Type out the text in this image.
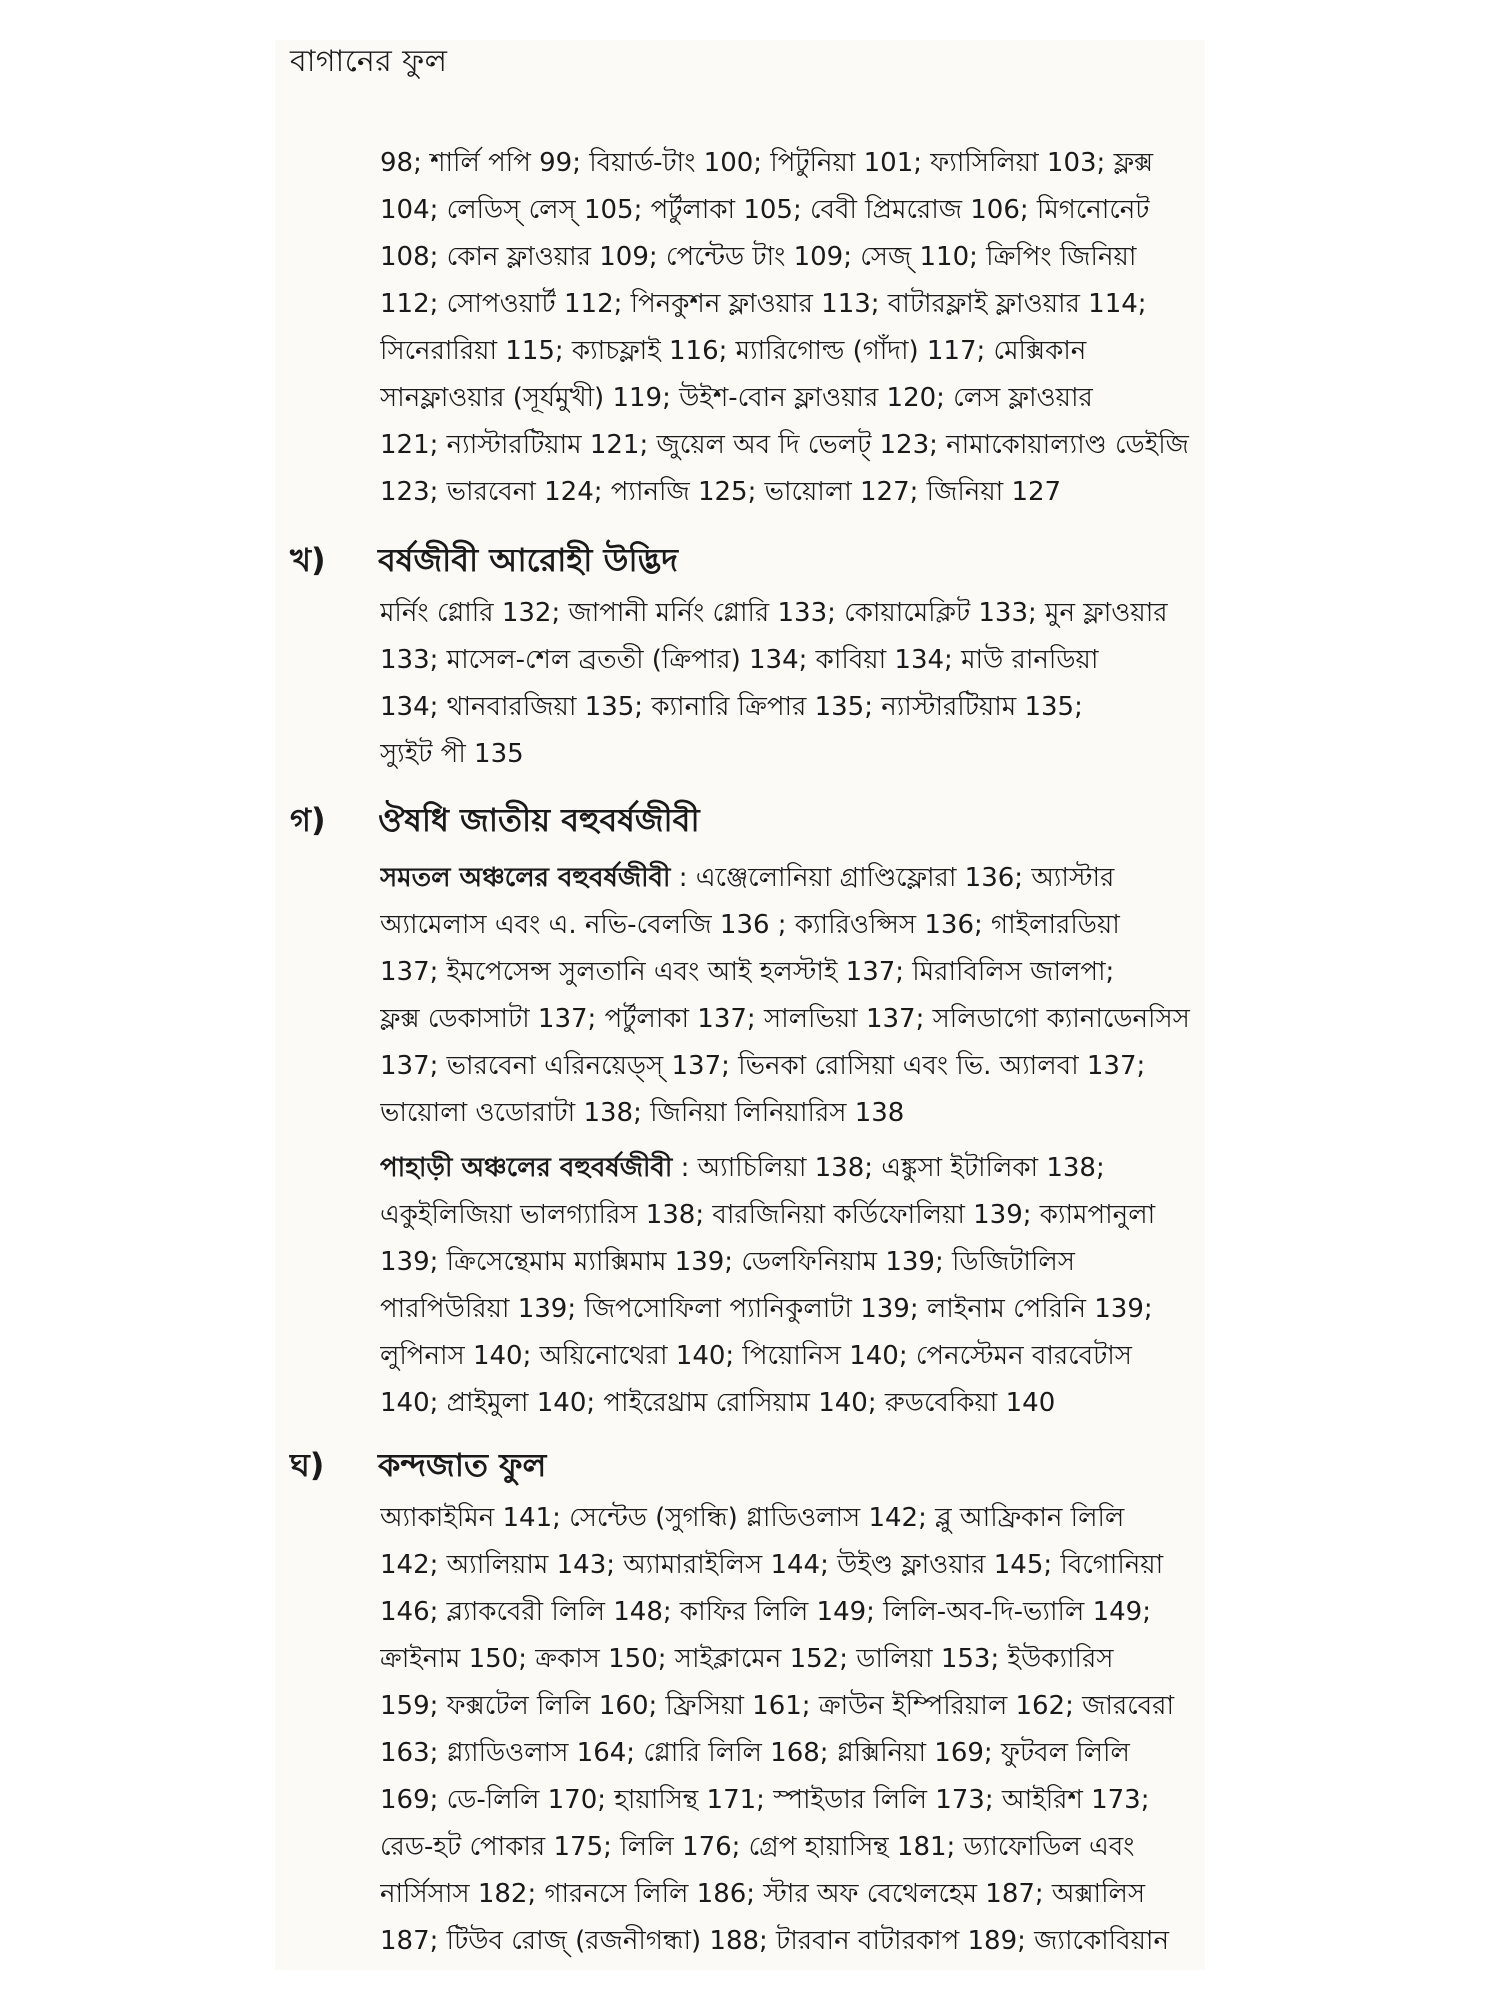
বাগানের ফুল
98; শার্লি পপি 99; বিয়ার্ড-টাং 100; পিটুনিয়া 101; ফ্যাসিলিয়া 103; ফ্লক্স
104; লেডিস্ লেস্ 105; পর্টুলাকা 105; বেবী প্রিমরোজ 106; মিগনোনেট
108; কোন ফ্লাওয়ার 109; পেন্টেড টাং 109; সেজ্ 110; ক্রিপিং জিনিয়া
112; সোপওয়ার্ট 112; পিনকুশন ফ্লাওয়ার 113; বাটারফ্লাই ফ্লাওয়ার 114;
সিনেরারিয়া 115; ক্যাচফ্লাই 116; ম্যারিগোল্ড (গাঁদা) 117; মেক্সিকান
সানফ্লাওয়ার (সূর্যমুখী) 119; উইশ-বোন ফ্লাওয়ার 120; লেস ফ্লাওয়ার
121; ন্যাস্টারটিয়াম 121; জুয়েল অব দি ভেলট্ 123; নামাকোয়াল্যাণ্ড ডেইজি
123; ভারবেনা 124; প্যানজি 125; ভায়োলা 127; জিনিয়া 127
খ) বর্ষজীবী আরোহী উদ্ভিদ
মর্নিং গ্লোরি 132; জাপানী মর্নিং গ্লোরি 133; কোয়ামেক্লিট 133; মুন ফ্লাওয়ার
133; মাসেল-শেল ব্রততী (ক্রিপার) 134; কাবিয়া 134; মাউ রানডিয়া
134; থানবারজিয়া 135; ক্যানারি ক্রিপার 135; ন্যাস্টারটিয়াম 135;
স্যুইট পী 135
গ) ঔষধি জাতীয় বহুবর্ষজীবী
সমতল অঞ্চলের বহুবর্ষজীবী : এঞ্জেলোনিয়া গ্রাণ্ডিফ্লোরা 136; অ্যাস্টার
অ্যামেলাস এবং এ. নভি-বেলজি 136 ; ক্যারিওপ্সিস 136; গাইলারডিয়া
137; ইমপেসেন্স সুলতানি এবং আই হলস্টাই 137; মিরাবিলিস জালপা;
ফ্লক্স ডেকাসাটা 137; পর্টুলাকা 137; সালভিয়া 137; সলিডাগো ক্যানাডেনসিস
137; ভারবেনা এরিনয়েড্স্ 137; ভিনকা রোসিয়া এবং ভি. অ্যালবা 137;
ভায়োলা ওডোরাটা 138; জিনিয়া লিনিয়ারিস 138
পাহাড়ী অঞ্চলের বহুবর্ষজীবী : অ্যাচিলিয়া 138; এঙ্কুসা ইটালিকা 138;
একুইলিজিয়া ভালগ্যারিস 138; বারজিনিয়া কর্ডিফোলিয়া 139; ক্যামপানুলা
139; ক্রিসেন্থেমাম ম্যাক্সিমাম 139; ডেলফিনিয়াম 139; ডিজিটালিস
পারপিউরিয়া 139; জিপসোফিলা প্যানিকুলাটা 139; লাইনাম পেরিনি 139;
লুপিনাস 140; অয়িনোথেরা 140; পিয়োনিস 140; পেনস্টেমন বারবেটাস
140; প্রাইমুলা 140; পাইরেথ্রাম রোসিয়াম 140; রুডবেকিয়া 140
ঘ) কন্দজাত ফুল
অ্যাকাইমিন 141; সেন্টেড (সুগন্ধি) গ্লাডিওলাস 142; ব্লু আফ্রিকান লিলি
142; অ্যালিয়াম 143; অ্যামারাইলিস 144; উইণ্ড ফ্লাওয়ার 145; বিগোনিয়া
146; ব্ল্যাকবেরী লিলি 148; কাফির লিলি 149; লিলি-অব-দি-ভ্যালি 149;
ক্রাইনাম 150; ক্রকাস 150; সাইক্লামেন 152; ডালিয়া 153; ইউক্যারিস
159; ফক্সটেল লিলি 160; ফ্রিসিয়া 161; ক্রাউন ইম্পিরিয়াল 162; জারবেরা
163; গ্ল্যাডিওলাস 164; গ্লোরি লিলি 168; গ্লক্সিনিয়া 169; ফুটবল লিলি
169; ডে-লিলি 170; হায়াসিন্থ 171; স্পাইডার লিলি 173; আইরিশ 173;
রেড-হট পোকার 175; লিলি 176; গ্রেপ হায়াসিন্থ 181; ড্যাফোডিল এবং
নার্সিসাস 182; গারনসে লিলি 186; স্টার অফ বেথেলহেম 187; অক্সালিস
187; টিউব রোজ্ (রজনীগন্ধা) 188; টারবান বাটারকাপ 189; জ্যাকোবিয়ান
